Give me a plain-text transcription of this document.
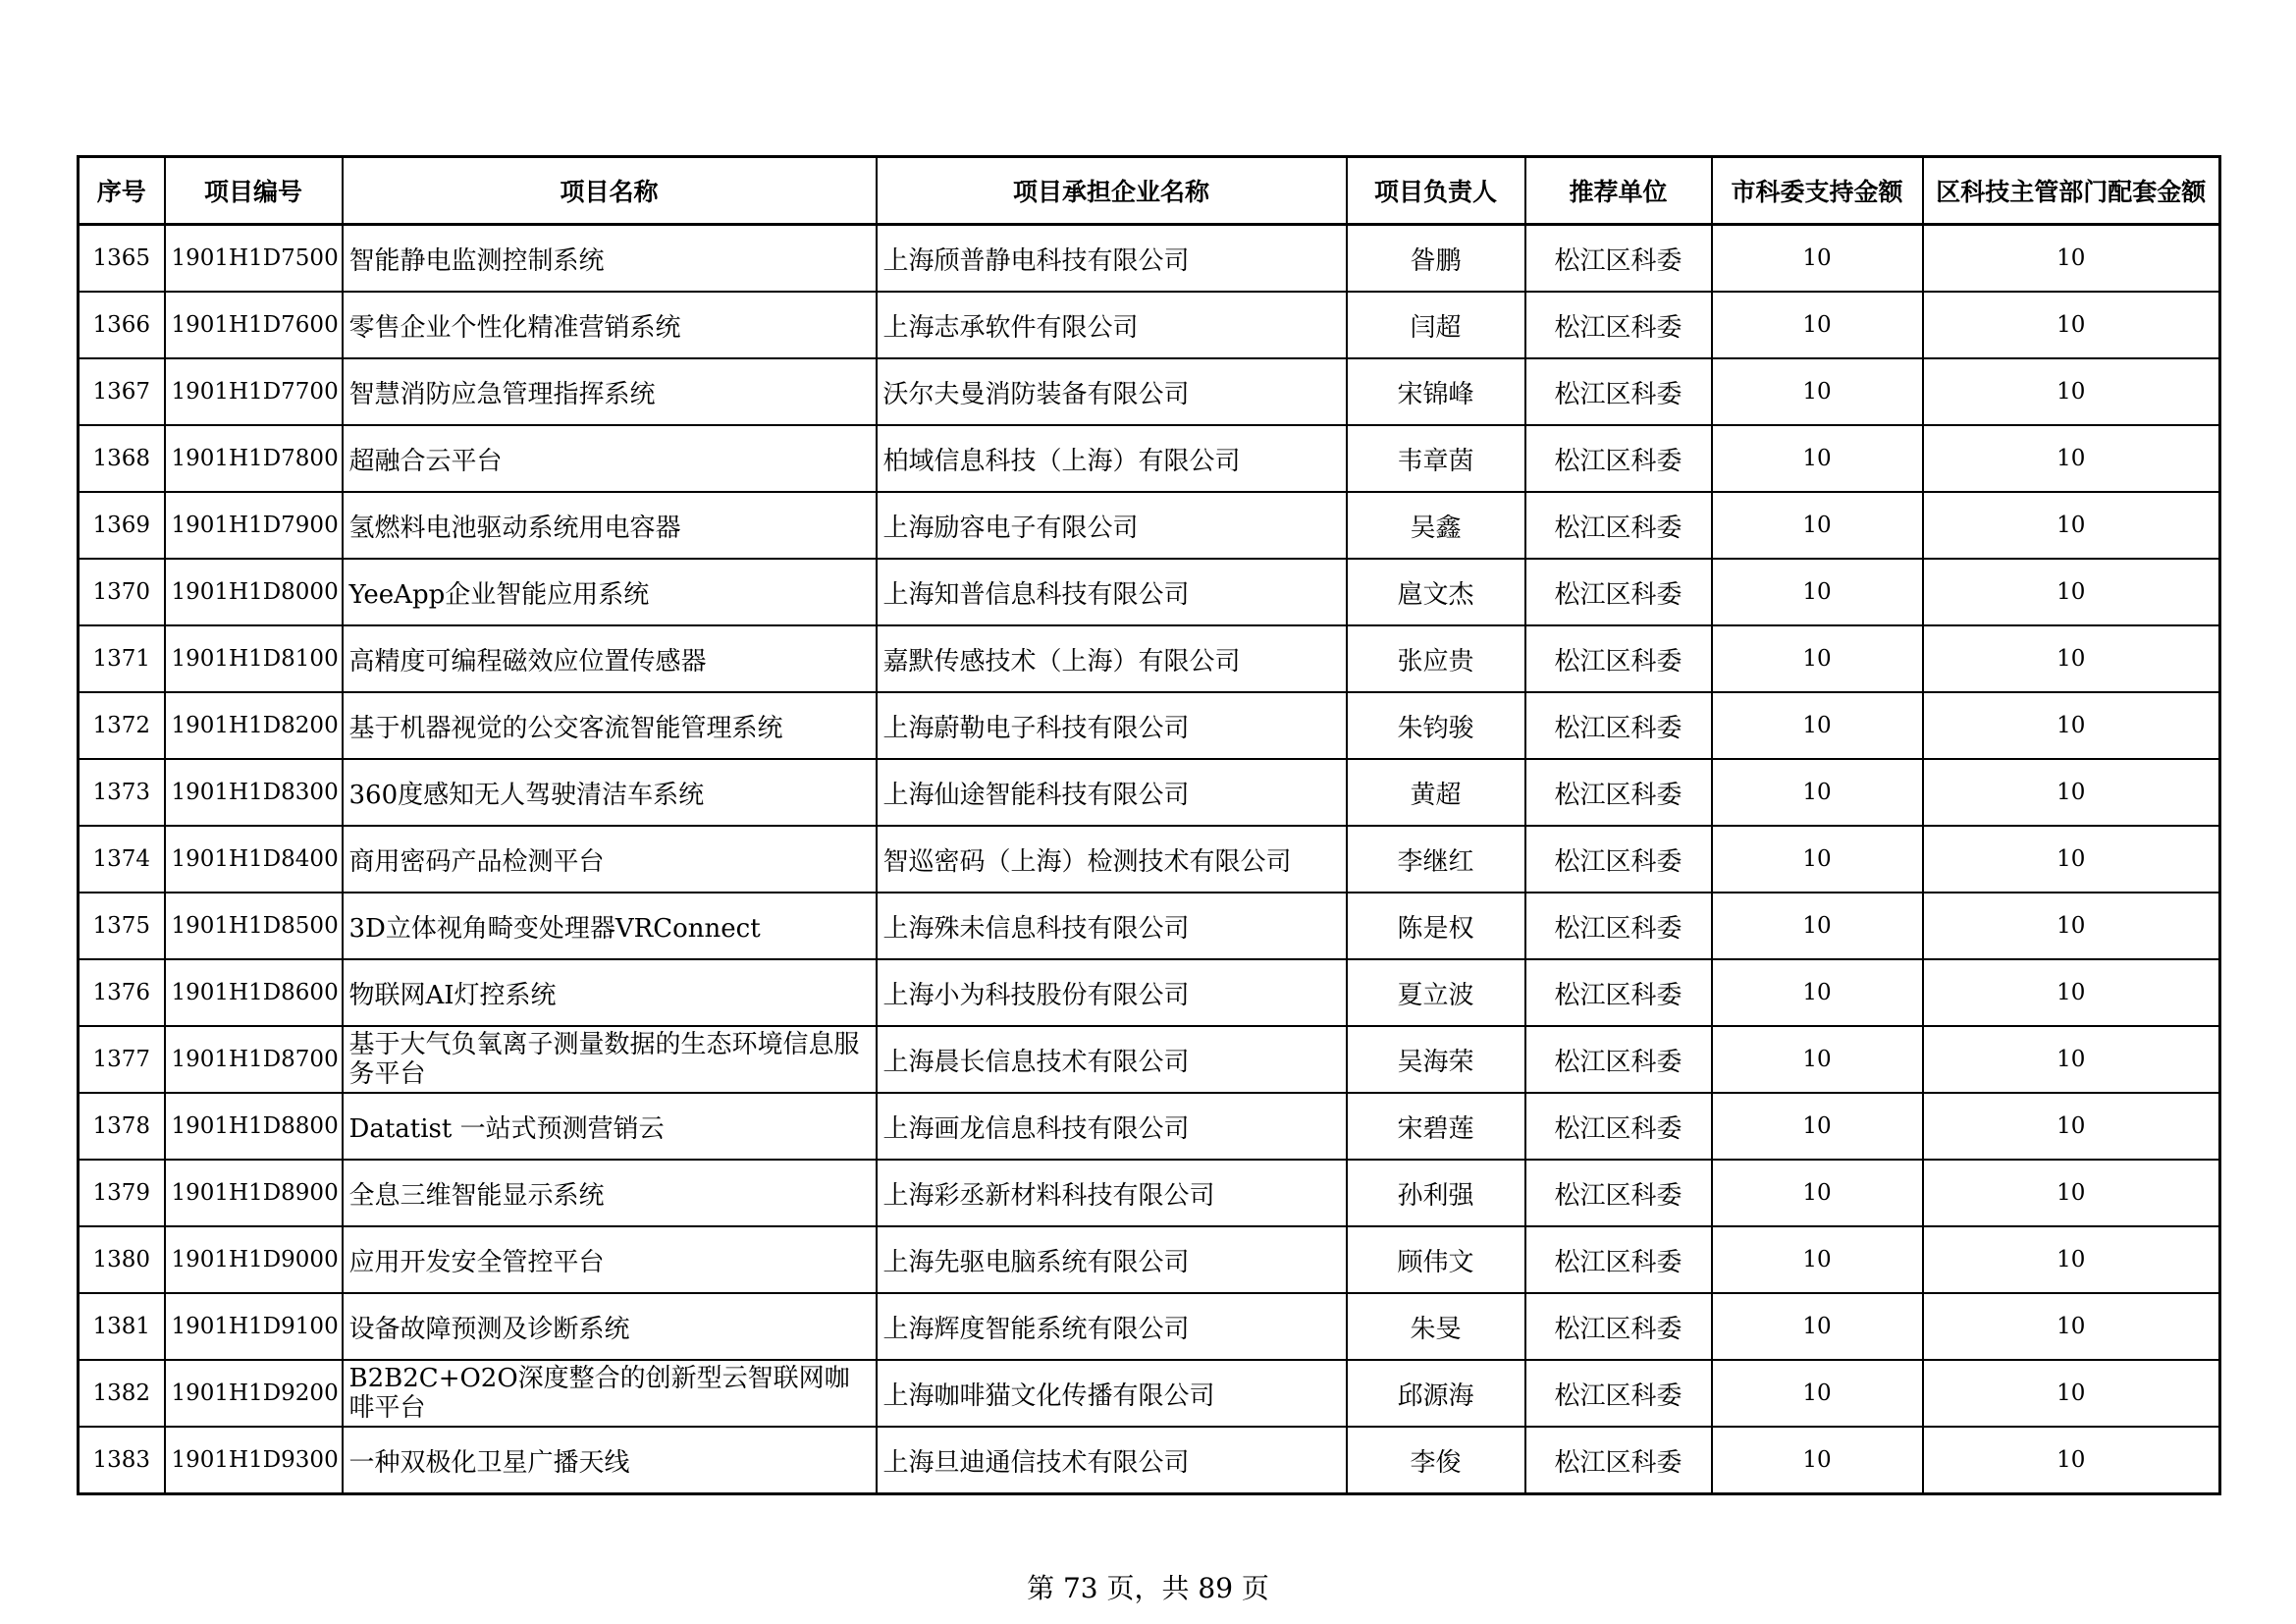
序号	项目编号	项目名称	项目承担企业名称	项目负责人	推荐单位	市科委支持金额	区科技主管部门配套金额
1365	1901H1D7500	智能静电监测控制系统	上海颀普静电科技有限公司	昝鹏	松江区科委	10	10
1366	1901H1D7600	零售企业个性化精准营销系统	上海志承软件有限公司	闫超	松江区科委	10	10
1367	1901H1D7700	智慧消防应急管理指挥系统	沃尔夫曼消防装备有限公司	宋锦峰	松江区科委	10	10
1368	1901H1D7800	超融合云平台	柏域信息科技（上海）有限公司	韦章茵	松江区科委	10	10
1369	1901H1D7900	氢燃料电池驱动系统用电容器	上海励容电子有限公司	吴鑫	松江区科委	10	10
1370	1901H1D8000	YeeApp企业智能应用系统	上海知普信息科技有限公司	扈文杰	松江区科委	10	10
1371	1901H1D8100	高精度可编程磁效应位置传感器	嘉默传感技术（上海）有限公司	张应贵	松江区科委	10	10
1372	1901H1D8200	基于机器视觉的公交客流智能管理系统	上海蔚勒电子科技有限公司	朱钧骏	松江区科委	10	10
1373	1901H1D8300	360度感知无人驾驶清洁车系统	上海仙途智能科技有限公司	黄超	松江区科委	10	10
1374	1901H1D8400	商用密码产品检测平台	智巡密码（上海）检测技术有限公司	李继红	松江区科委	10	10
1375	1901H1D8500	3D立体视角畸变处理器VRConnect	上海殊未信息科技有限公司	陈是权	松江区科委	10	10
1376	1901H1D8600	物联网AI灯控系统	上海小为科技股份有限公司	夏立波	松江区科委	10	10
1377	1901H1D8700	基于大气负氧离子测量数据的生态环境信息服务平台	上海晨长信息技术有限公司	吴海荣	松江区科委	10	10
1378	1901H1D8800	Datatist 一站式预测营销云	上海画龙信息科技有限公司	宋碧莲	松江区科委	10	10
1379	1901H1D8900	全息三维智能显示系统	上海彩丞新材料科技有限公司	孙利强	松江区科委	10	10
1380	1901H1D9000	应用开发安全管控平台	上海先驱电脑系统有限公司	顾伟文	松江区科委	10	10
1381	1901H1D9100	设备故障预测及诊断系统	上海辉度智能系统有限公司	朱旻	松江区科委	10	10
1382	1901H1D9200	B2B2C+O2O深度整合的创新型云智联网咖啡平台	上海咖啡猫文化传播有限公司	邱源海	松江区科委	10	10
1383	1901H1D9300	一种双极化卫星广播天线	上海旦迪通信技术有限公司	李俊	松江区科委	10	10
第 73 页，共 89 页
